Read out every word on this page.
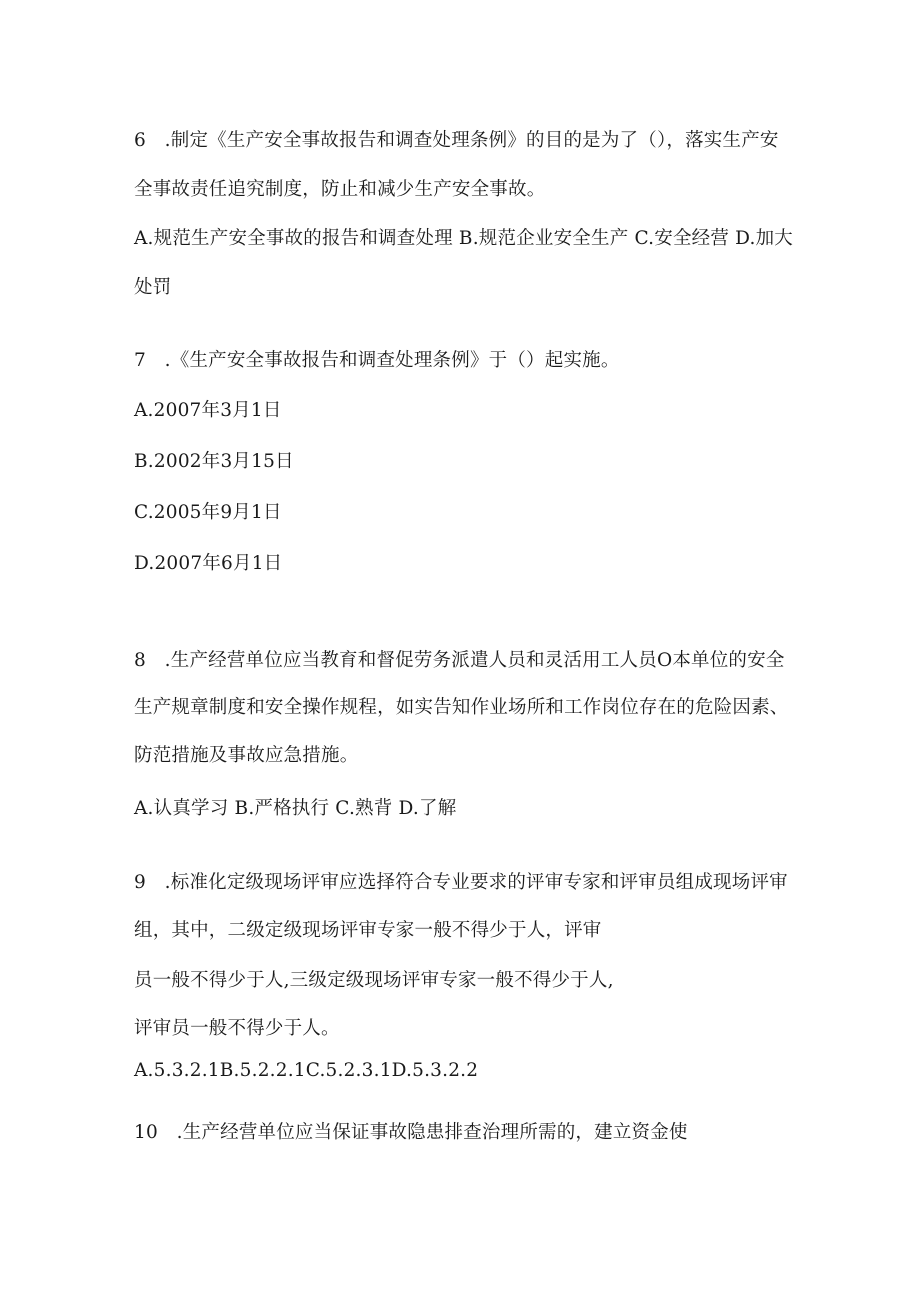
6　.制定《生产安全事故报告和调查处理条例》的目的是为了（），落实生产安
全事故责任追究制度，防止和减少生产安全事故。
A.规范生产安全事故的报告和调查处理 B.规范企业安全生产 C.安全经营 D.加大
处罚
7　.《生产安全事故报告和调查处理条例》于（）起实施。
A.2007年3月1日
B.2002年3月15日
C.2005年9月1日
D.2007年6月1日
8　.生产经营单位应当教育和督促劳务派遣人员和灵活用工人员O本单位的安全
生产规章制度和安全操作规程，如实告知作业场所和工作岗位存在的危险因素、
防范措施及事故应急措施。
A.认真学习 B.严格执行 C.熟背 D.了解
9　.标准化定级现场评审应选择符合专业要求的评审专家和评审员组成现场评审
组，其中，二级定级现场评审专家一般不得少于人，评审
员一般不得少于人,三级定级现场评审专家一般不得少于人,
评审员一般不得少于人。
A.5.3.2.1B.5.2.2.1C.5.2.3.1D.5.3.2.2
10　.生产经营单位应当保证事故隐患排查治理所需的，建立资金使
